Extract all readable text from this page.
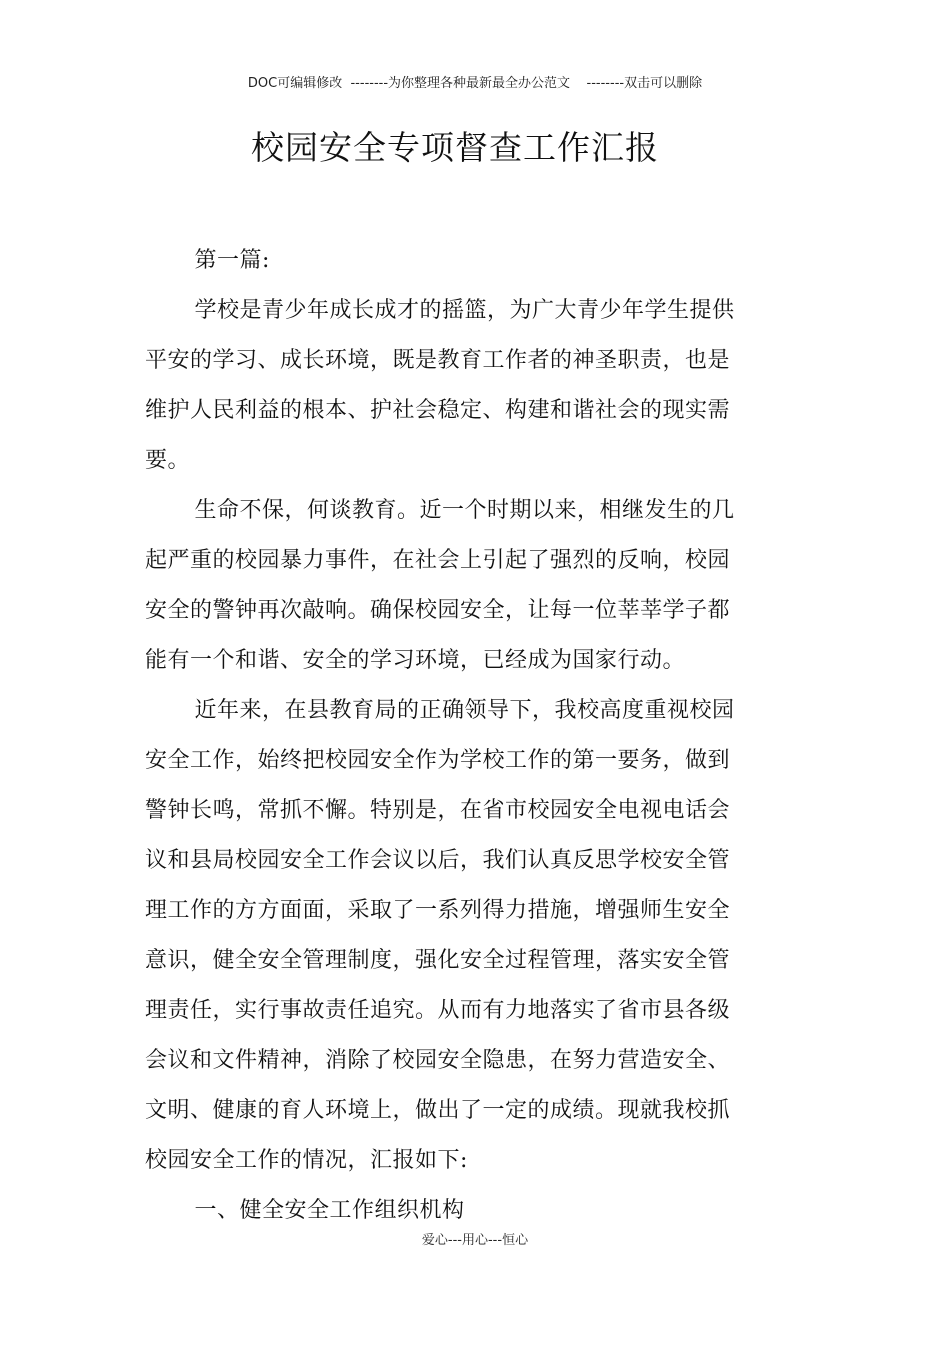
DOC可编辑修改  --------为你整理各种最新最全办公范文    --------双击可以删除
校园安全专项督查工作汇报

第一篇:

学校是青少年成长成才的摇篮，为广大青少年学生提供平安的学习、成长环境，既是教育工作者的神圣职责，也是维护人民利益的根本、护社会稳定、构建和谐社会的现实需要。

生命不保，何谈教育。近一个时期以来，相继发生的几起严重的校园暴力事件，在社会上引起了强烈的反响，校园安全的警钟再次敲响。确保校园安全，让每一位莘莘学子都能有一个和谐、安全的学习环境，已经成为国家行动。

近年来，在县教育局的正确领导下，我校高度重视校园安全工作，始终把校园安全作为学校工作的第一要务，做到警钟长鸣，常抓不懈。特别是，在省市校园安全电视电话会议和县局校园安全工作会议以后，我们认真反思学校安全管理工作的方方面面，采取了一系列得力措施，增强师生安全意识，健全安全管理制度，强化安全过程管理，落实安全管理责任，实行事故责任追究。从而有力地落实了省市县各级会议和文件精神，消除了校园安全隐患，在努力营造安全、文明、健康的育人环境上，做出了一定的成绩。现就我校抓校园安全工作的情况，汇报如下:

一、健全安全工作组织机构

爱心---用心---恒心
